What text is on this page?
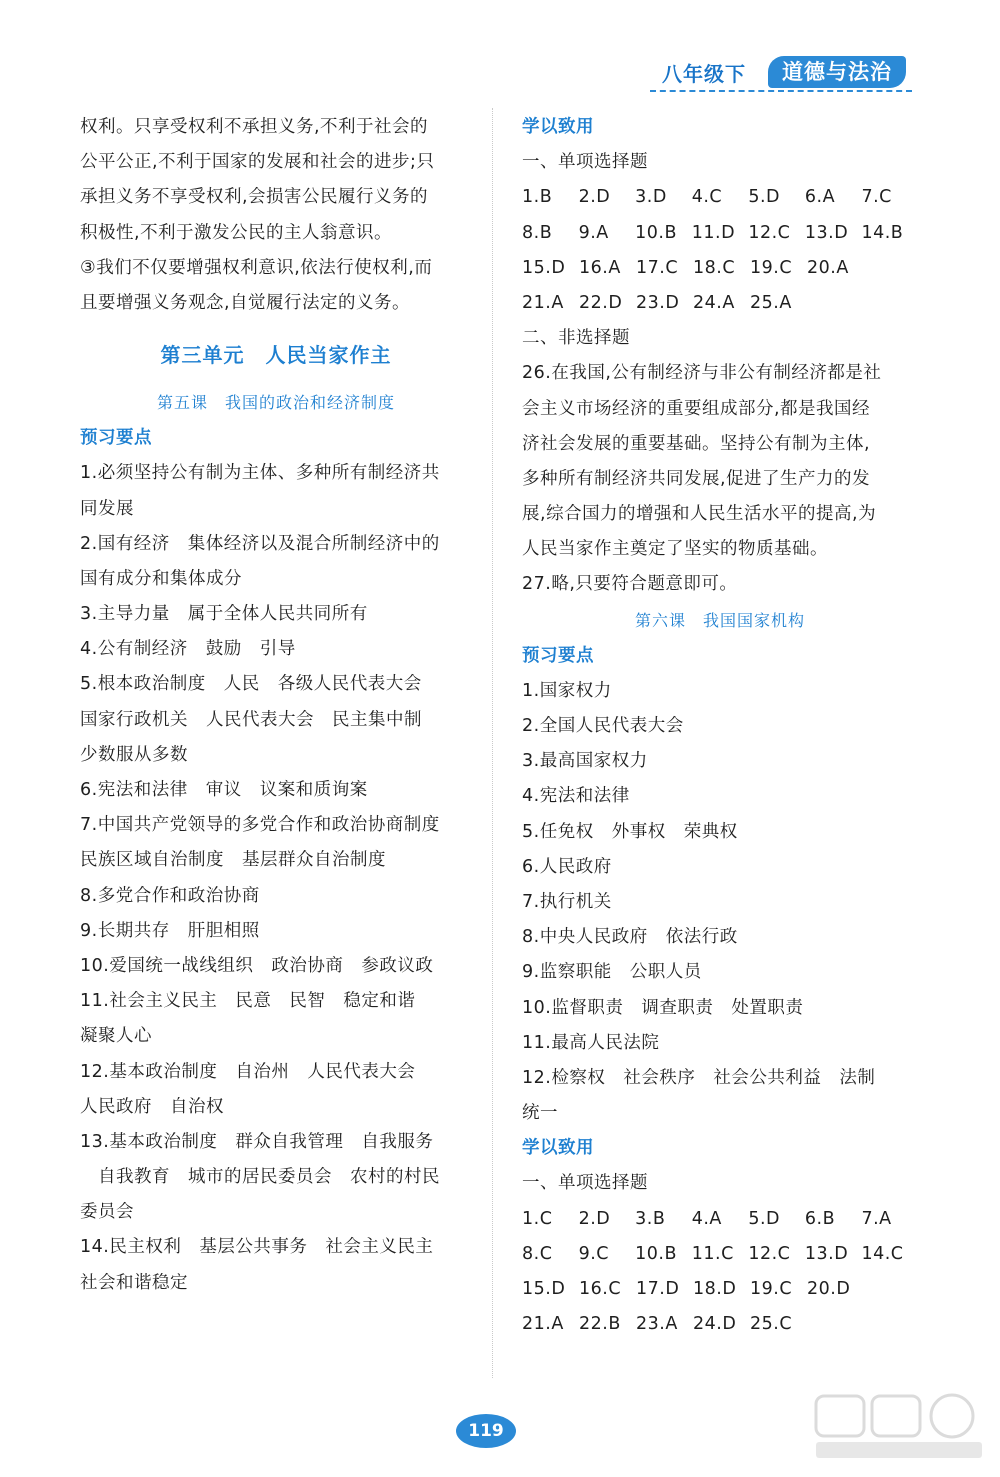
八年级下	道德与法治
权利。只享受权利不承担义务,不利于社会的
公平公正,不利于国家的发展和社会的进步;只
承担义务不享受权利,会损害公民履行义务的
积极性,不利于激发公民的主人翁意识。
③我们不仅要增强权利意识,依法行使权利,而
且要增强义务观念,自觉履行法定的义务。
第三单元　人民当家作主
第五课　我国的政治和经济制度
预习要点
1.必须坚持公有制为主体、多种所有制经济共
同发展
2.国有经济　集体经济以及混合所制经济中的
国有成分和集体成分
3.主导力量　属于全体人民共同所有
4.公有制经济　鼓励　引导
5.根本政治制度　人民　各级人民代表大会
国家行政机关　人民代表大会　民主集中制
少数服从多数
6.宪法和法律　审议　议案和质询案
7.中国共产党领导的多党合作和政治协商制度
民族区域自治制度　基层群众自治制度
8.多党合作和政治协商
9.长期共存　肝胆相照
10.爱国统一战线组织　政治协商　参政议政
11.社会主义民主　民意　民智　稳定和谐
凝聚人心
12.基本政治制度　自治州　人民代表大会
人民政府　自治权
13.基本政治制度　群众自我管理　自我服务
　自我教育　城市的居民委员会　农村的村民
委员会
14.民主权利　基层公共事务　社会主义民主
社会和谐稳定
学以致用
一、单项选择题
1.B	2.D	3.D	4.C	5.D	6.A	7.C
8.B	9.A	10.B 11.D 12.C 13.D 14.B
15.D 16.A 17.C 18.C 19.C 20.A
21.A 22.D 23.D 24.A 25.A
二、非选择题
26.在我国,公有制经济与非公有制经济都是社
会主义市场经济的重要组成部分,都是我国经
济社会发展的重要基础。坚持公有制为主体,
多种所有制经济共同发展,促进了生产力的发
展,综合国力的增强和人民生活水平的提高,为
人民当家作主奠定了坚实的物质基础。
27.略,只要符合题意即可。
第六课　我国国家机构
预习要点
1.国家权力
2.全国人民代表大会
3.最高国家权力
4.宪法和法律
5.任免权　外事权　荣典权
6.人民政府
7.执行机关
8.中央人民政府　依法行政
9.监察职能　公职人员
10.监督职责　调查职责　处置职责
11.最高人民法院
12.检察权　社会秩序　社会公共利益　法制
统一
学以致用
一、单项选择题
1.C	2.D	3.B	4.A	5.D	6.B	7.A
8.C	9.C	10.B 11.C 12.C 13.D 14.C
15.D 16.C 17.D 18.D 19.C 20.D
21.A 22.B 23.A 24.D 25.C
119
